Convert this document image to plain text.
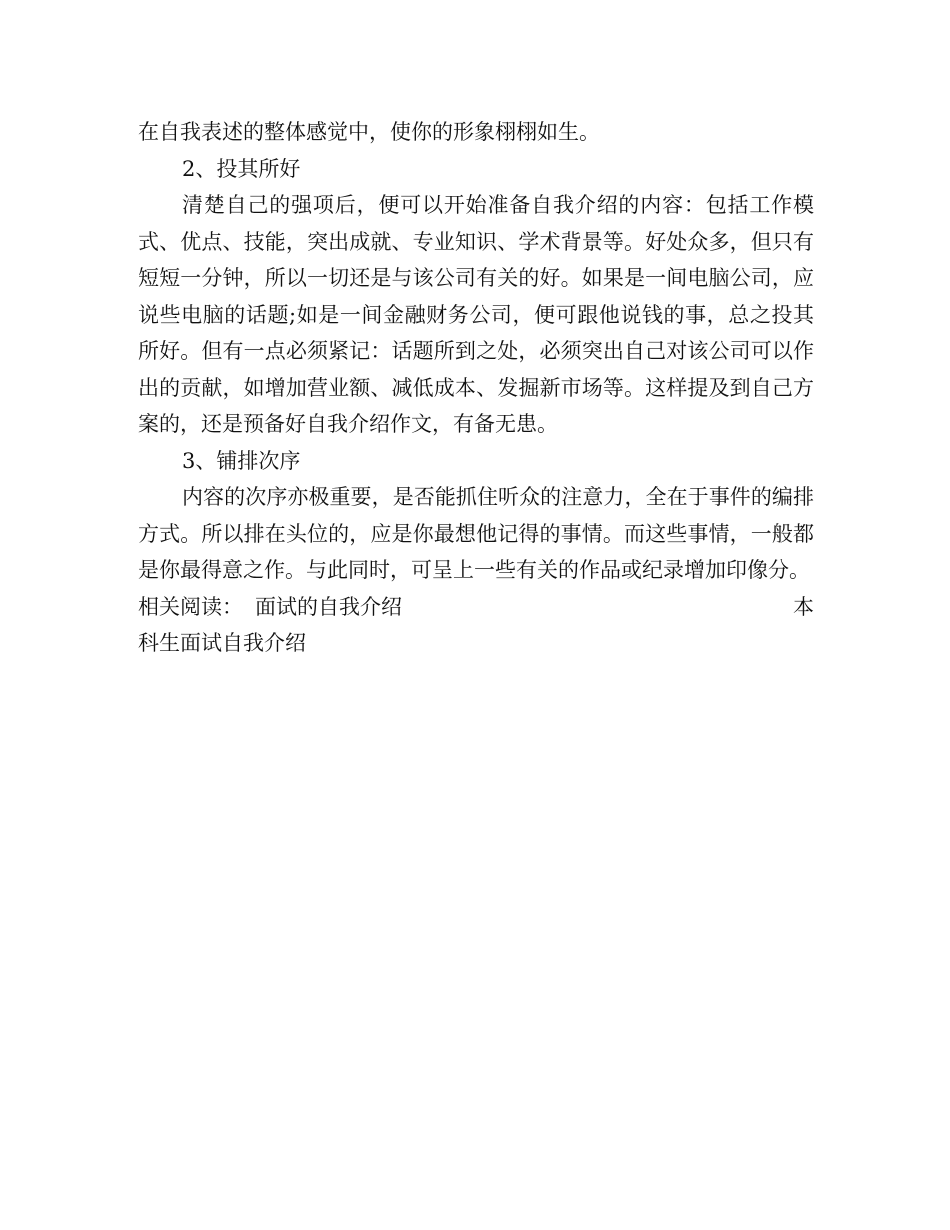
在自我表述的整体感觉中，使你的形象栩栩如生。

2、投其所好

清楚自己的强项后，便可以开始准备自我介绍的内容：包括工作模式、优点、技能，突出成就、专业知识、学术背景等。好处众多，但只有短短一分钟，所以一切还是与该公司有关的好。如果是一间电脑公司，应说些电脑的话题;如是一间金融财务公司，便可跟他说钱的事，总之投其所好。但有一点必须紧记：话题所到之处，必须突出自己对该公司可以作出的贡献，如增加营业额、减低成本、发掘新市场等。这样提及到自己方案的，还是预备好自我介绍作文，有备无患。

3、铺排次序

内容的次序亦极重要，是否能抓住听众的注意力，全在于事件的编排方式。所以排在头位的，应是你最想他记得的事情。而这些事情，一般都是你最得意之作。与此同时，可呈上一些有关的作品或纪录增加印像分。

相关阅读： 面试的自我介绍	本

科生面试自我介绍
